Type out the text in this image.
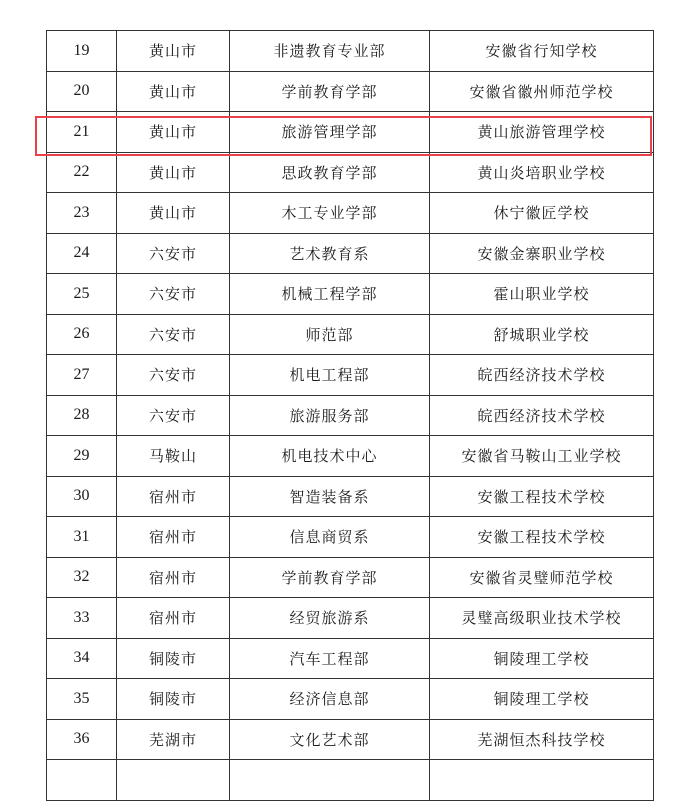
19	黄山市	非遗教育专业部	安徽省行知学校
20	黄山市	学前教育学部	安徽省徽州师范学校
21	黄山市	旅游管理学部	黄山旅游管理学校
22	黄山市	思政教育学部	黄山炎培职业学校
23	黄山市	木工专业学部	休宁徽匠学校
24	六安市	艺术教育系	安徽金寨职业学校
25	六安市	机械工程学部	霍山职业学校
26	六安市	师范部	舒城职业学校
27	六安市	机电工程部	皖西经济技术学校
28	六安市	旅游服务部	皖西经济技术学校
29	马鞍山	机电技术中心	安徽省马鞍山工业学校
30	宿州市	智造装备系	安徽工程技术学校
31	宿州市	信息商贸系	安徽工程技术学校
32	宿州市	学前教育学部	安徽省灵璧师范学校
33	宿州市	经贸旅游系	灵璧高级职业技术学校
34	铜陵市	汽车工程部	铜陵理工学校
35	铜陵市	经济信息部	铜陵理工学校
36	芜湖市	文化艺术部	芜湖恒杰科技学校
